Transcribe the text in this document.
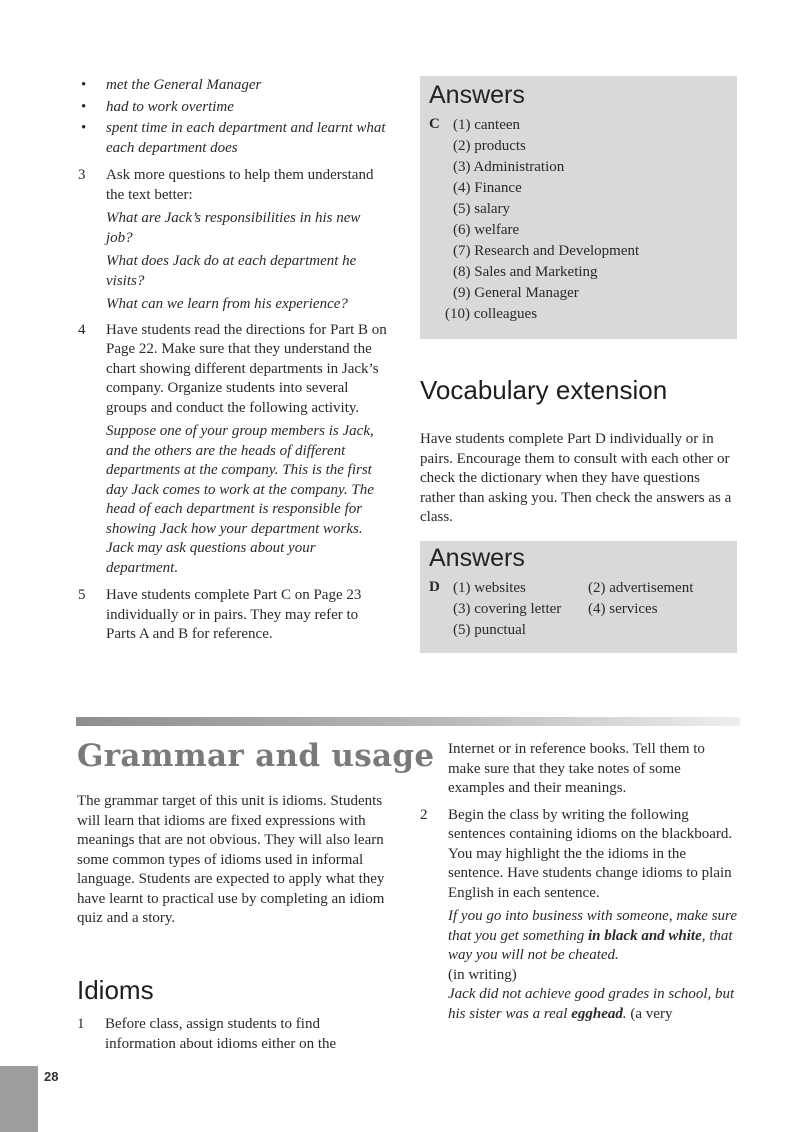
• met the General Manager
• had to work overtime
• spent time in each department and learnt what each department does
3 Ask more questions to help them understand the text better:

What are Jack’s responsibilities in his new job?

What does Jack do at each department he visits?

What can we learn from his experience?

4 Have students read the directions for Part B on Page 22. Make sure that they understand the chart showing different departments in Jack’s company. Organize students into several groups and conduct the following activity.

Suppose one of your group members is Jack, and the others are the heads of different departments at the company. This is the first day Jack comes to work at the company. The head of each department is responsible for showing Jack how your department works. Jack may ask questions about your department.

5 Have students complete Part C on Page 23 individually or in pairs. They may refer to Parts A and B for reference.

Answers
C (1) canteen
(2) products
(3) Administration
(4) Finance
(5) salary
(6) welfare
(7) Research and Development
(8) Sales and Marketing
(9) General Manager
(10) colleagues
Vocabulary extension

Have students complete Part D individually or in pairs. Encourage them to consult with each other or check the dictionary when they have questions rather than asking you. Then check the answers as a class.

Answers
D (1) websites	(2) advertisement
(3) covering letter	(4) services
(5) punctual
Grammar and usage

The grammar target of this unit is idioms. Students will learn that idioms are fixed expressions with meanings that are not obvious. They will also learn some common types of idioms used in informal language. Students are expected to apply what they have learnt to practical use by completing an idiom quiz and a story.

Idioms
1 Before class, assign students to find information about idioms either on the

Internet or in reference books. Tell them to make sure that they take notes of some examples and their meanings.

2 Begin the class by writing the following sentences containing idioms on the blackboard. You may highlight the the idioms in the sentence. Have students change idioms to plain English in each sentence.

If you go into business with someone, make sure that you get something in black and white, that way you will not be cheated.

(in writing)

Jack did not achieve good grades in school, but his sister was a real egghead. (a very

28
